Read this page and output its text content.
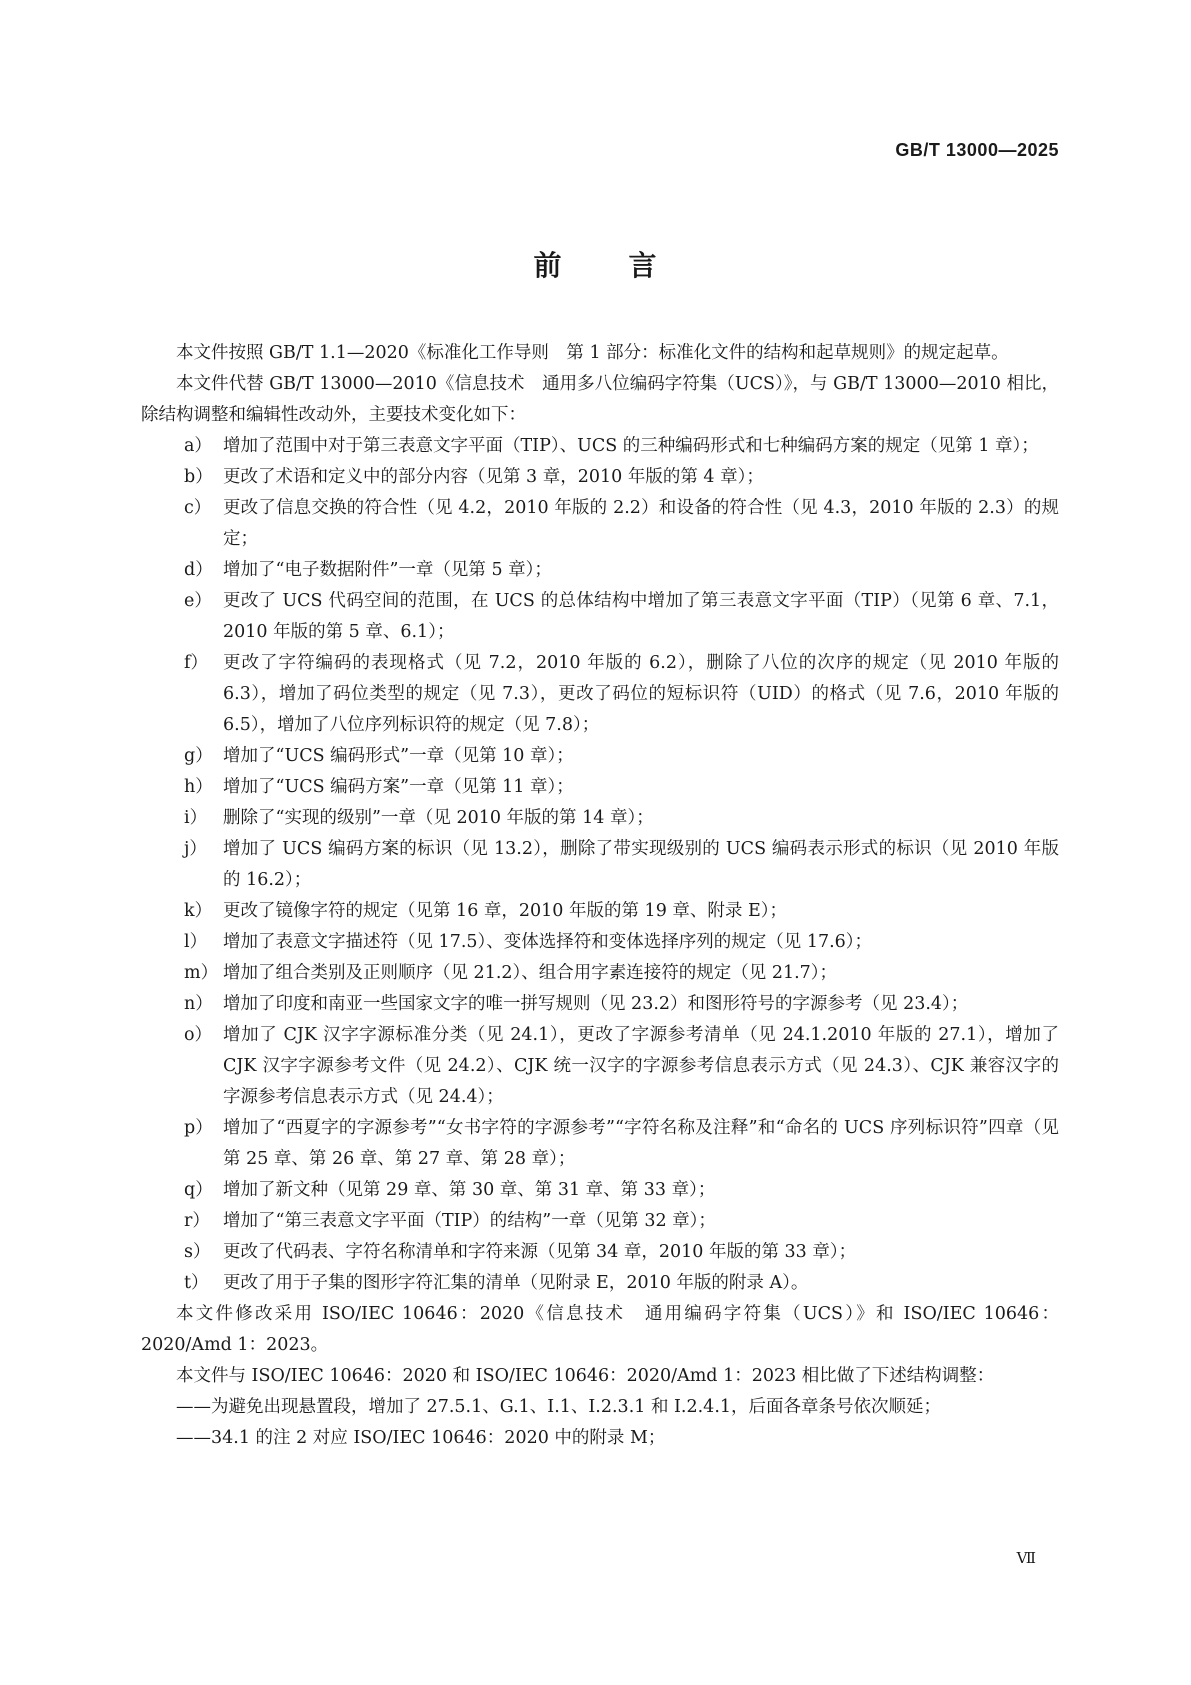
GB/T 13000—2025
前 言

本文件按照 GB/T 1.1—2020《标准化工作导则　第 1 部分：标准化文件的结构和起草规则》的规定起草。

本文件代替 GB/T 13000—2010《信息技术　通用多八位编码字符集（UCS）》，与 GB/T 13000—2010 相比，除结构调整和编辑性改动外，主要技术变化如下：

a） 增加了范围中对于第三表意文字平面（TIP）、UCS 的三种编码形式和七种编码方案的规定（见第 1 章）；
b） 更改了术语和定义中的部分内容（见第 3 章，2010 年版的第 4 章）；
c） 更改了信息交换的符合性（见 4.2，2010 年版的 2.2）和设备的符合性（见 4.3，2010 年版的 2.3）的规定；
d） 增加了“电子数据附件”一章（见第 5 章）；
e） 更改了 UCS 代码空间的范围，在 UCS 的总体结构中增加了第三表意文字平面（TIP）（见第 6 章、7.1，2010 年版的第 5 章、6.1）；
f） 更改了字符编码的表现格式（见 7.2，2010 年版的 6.2），删除了八位的次序的规定（见 2010 年版的 6.3），增加了码位类型的规定（见 7.3），更改了码位的短标识符（UID）的格式（见 7.6，2010 年版的 6.5），增加了八位序列标识符的规定（见 7.8）；
g） 增加了“UCS 编码形式”一章（见第 10 章）；
h） 增加了“UCS 编码方案”一章（见第 11 章）；
i） 删除了“实现的级别”一章（见 2010 年版的第 14 章）；
j） 增加了 UCS 编码方案的标识（见 13.2），删除了带实现级别的 UCS 编码表示形式的标识（见 2010 年版的 16.2）；
k） 更改了镜像字符的规定（见第 16 章，2010 年版的第 19 章、附录 E）；
l） 增加了表意文字描述符（见 17.5）、变体选择符和变体选择序列的规定（见 17.6）；
m） 增加了组合类别及正则顺序（见 21.2）、组合用字素连接符的规定（见 21.7）；
n） 增加了印度和南亚一些国家文字的唯一拼写规则（见 23.2）和图形符号的字源参考（见 23.4）；
o） 增加了 CJK 汉字字源标准分类（见 24.1），更改了字源参考清单（见 24.1.2010 年版的 27.1），增加了 CJK 汉字字源参考文件（见 24.2）、CJK 统一汉字的字源参考信息表示方式（见 24.3）、CJK 兼容汉字的字源参考信息表示方式（见 24.4）；
p） 增加了“西夏字的字源参考”“女书字符的字源参考”“字符名称及注释”和“命名的 UCS 序列标识符”四章（见第 25 章、第 26 章、第 27 章、第 28 章）；
q） 增加了新文种（见第 29 章、第 30 章、第 31 章、第 33 章）；
r） 增加了“第三表意文字平面（TIP）的结构”一章（见第 32 章）；
s） 更改了代码表、字符名称清单和字符来源（见第 34 章，2010 年版的第 33 章）；
t） 更改了用于子集的图形字符汇集的清单（见附录 E，2010 年版的附录 A）。

本文件修改采用 ISO/IEC 10646：2020《信息技术　通用编码字符集（UCS）》和 ISO/IEC 10646：2020/Amd 1：2023。

本文件与 ISO/IEC 10646：2020 和 ISO/IEC 10646：2020/Amd 1：2023 相比做了下述结构调整：

——为避免出现悬置段，增加了 27.5.1、G.1、I.1、I.2.3.1 和 I.2.4.1，后面各章条号依次顺延；

——34.1 的注 2 对应 ISO/IEC 10646：2020 中的附录 M；

Ⅶ
